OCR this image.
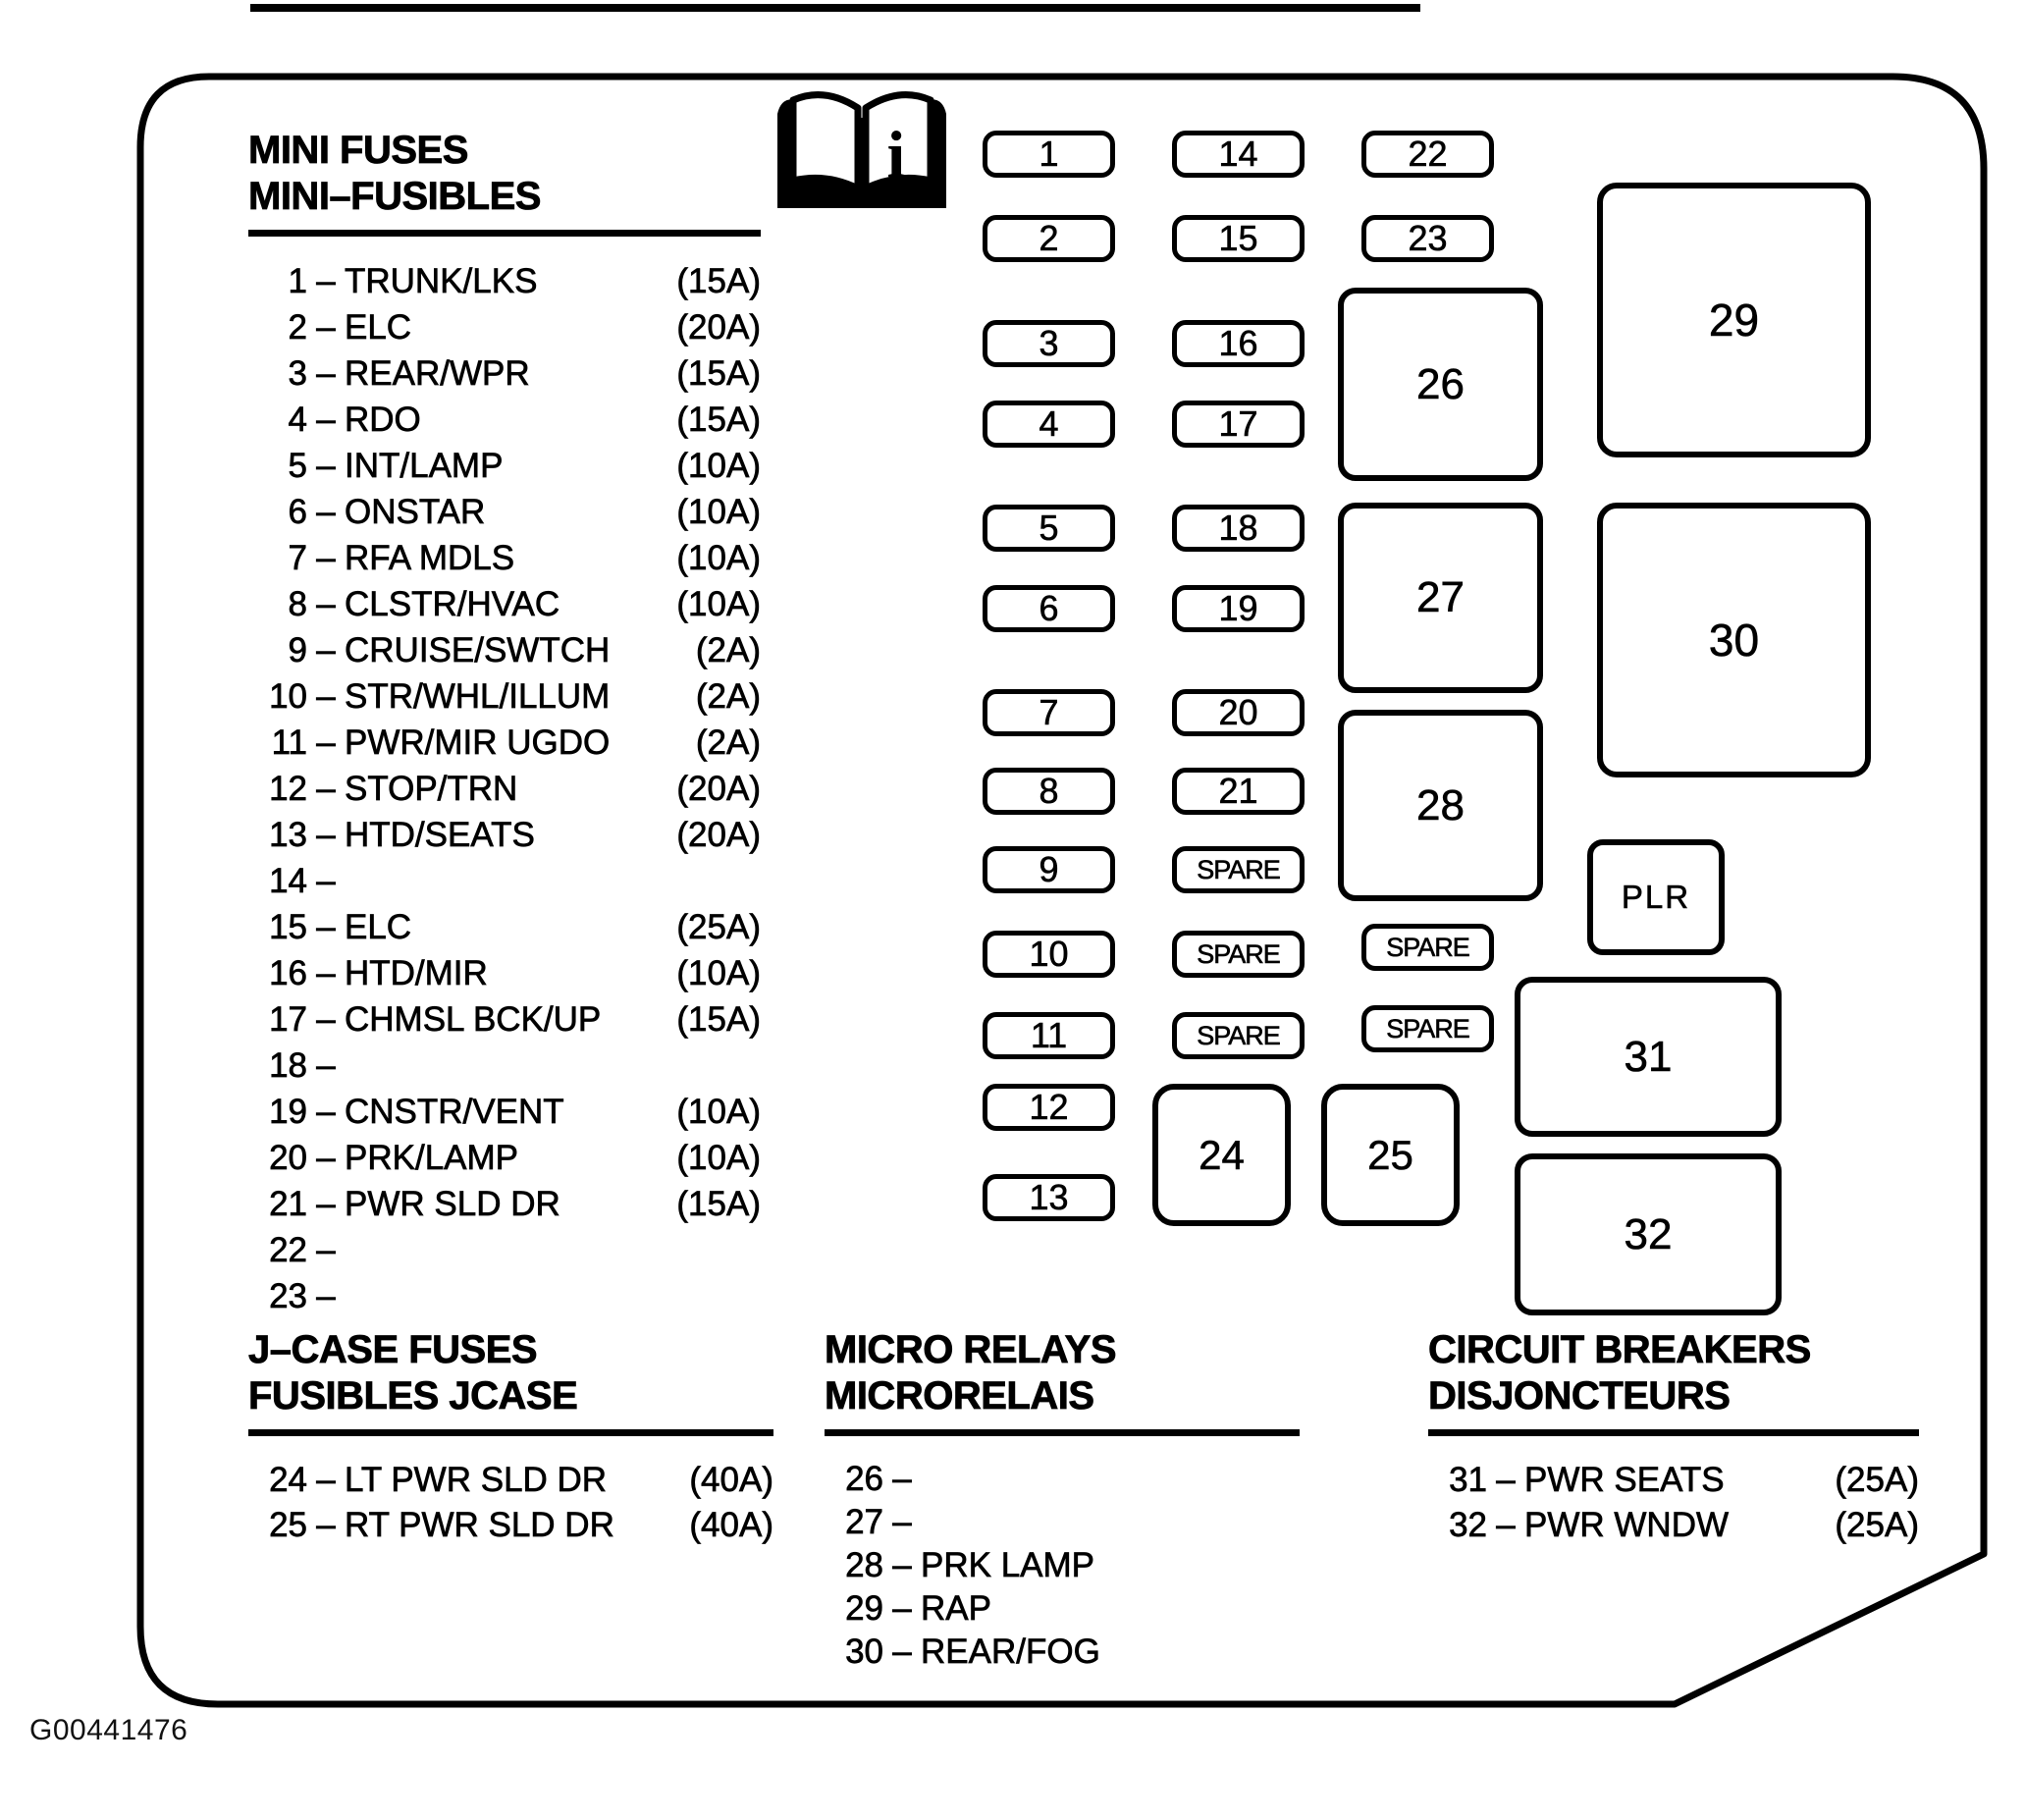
i
MINI FUSES
MINI–FUSIBLES
1 – TRUNK/LKS	(15A)
2 – ELC	(20A)
3 – REAR/WPR	(15A)
4 – RDO	(15A)
5 – INT/LAMP	(10A)
6 – ONSTAR	(10A)
7 – RFA MDLS	(10A)
8 – CLSTR/HVAC	(10A)
9 – CRUISE/SWTCH	(2A)
10 – STR/WHL/ILLUM	(2A)
11 – PWR/MIR UGDO	(2A)
12 – STOP/TRN	(20A)
13 – HTD/SEATS	(20A)
14 –
15 – ELC	(25A)
16 – HTD/MIR	(10A)
17 – CHMSL BCK/UP	(15A)
18 –
19 – CNSTR/VENT	(10A)
20 – PRK/LAMP	(10A)
21 – PWR SLD DR	(15A)
22 –
23 –
J–CASE FUSES
FUSIBLES JCASE
24 – LT PWR SLD DR	(40A)
25 – RT PWR SLD DR	(40A)
MICRO RELAYS
MICRORELAIS
26 –
27 –
28 – PRK LAMP
29 – RAP
30 – REAR/FOG
CIRCUIT BREAKERS
DISJONCTEURS
31 – PWR SEATS	(25A)
32 – PWR WNDW	(25A)
1
2
3
4
5
6
7
8
9
10
11
12
13
14
15
16
17
18
19
20
21
SPARE
SPARE
SPARE
22
23
SPARE
SPARE
26
27
28
29
30
PLR
31
32
24	25
G00441476
